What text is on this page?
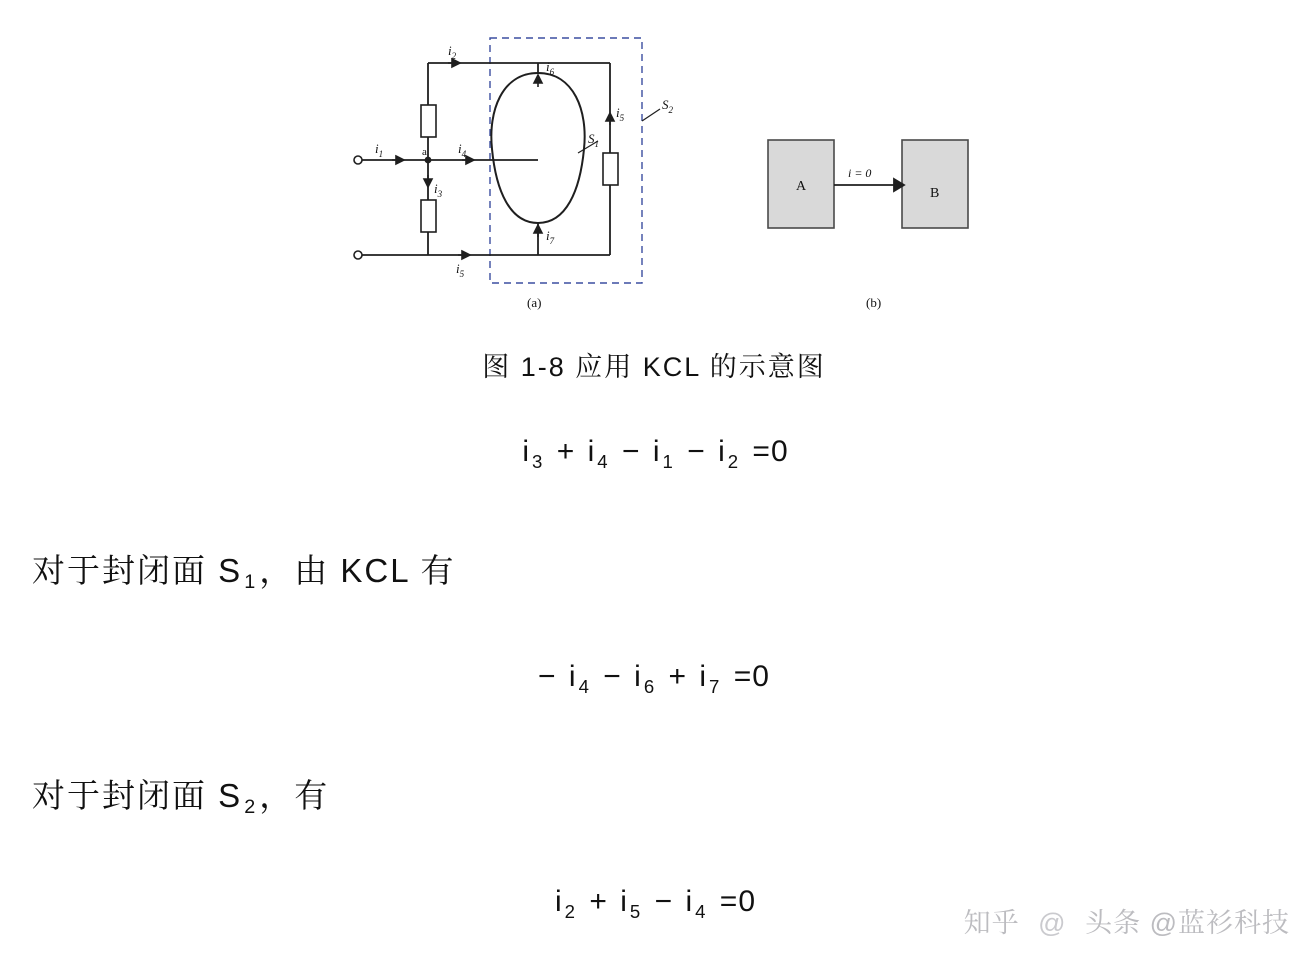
$i_1$
$i_2$
$i_3$
$i_4$
$i_5$
$i_6$
$i_7$
$i_5$
$S_1$
$S_2$
a
A	B
i = 0
(a)	(b)
图 1-8 应用 KCL 的示意图
i $_3$ + i $_4$ − i $_1$ − i $_2$ =0
对于封闭面 S $_1$，由 KCL 有
− i $_4$ − i $_6$ + i $_7$ =0
对于封闭面 S $_2$，有
i $_2$ + i $_5$ − i $_4$ =0
知乎 @ 头条 @蓝衫科技
